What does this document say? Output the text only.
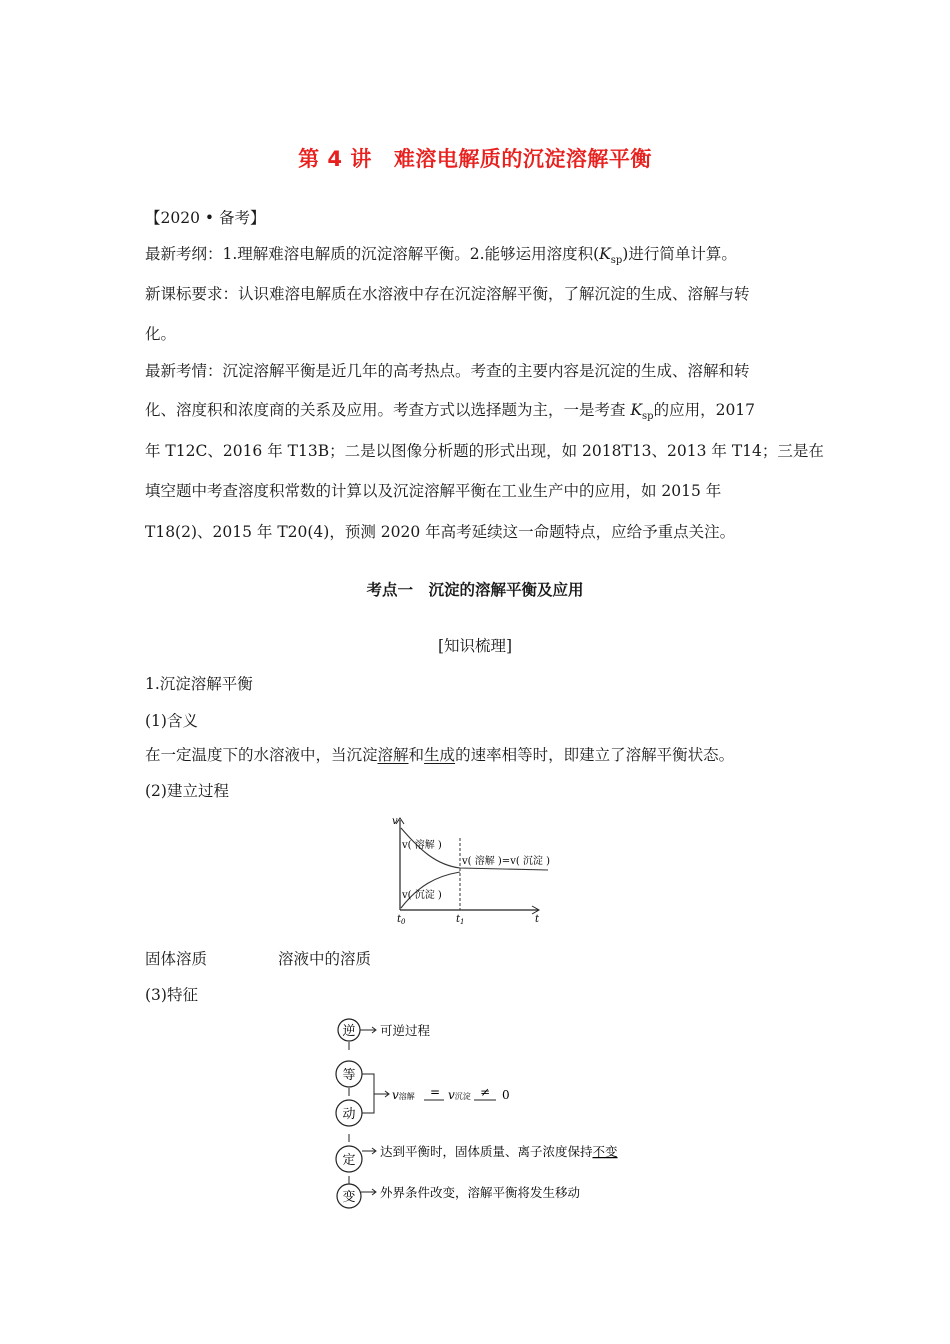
第 4 讲 难溶电解质的沉淀溶解平衡
【2020 • 备考】
最新考纲：1.理解难溶电解质的沉淀溶解平衡。2.能够运用溶度积$(K_{sp})$进行简单计算。
新课标要求：认识难溶电解质在水溶液中存在沉淀溶解平衡，了解沉淀的生成、溶解与转
化。
最新考情：沉淀溶解平衡是近几年的高考热点。考查的主要内容是沉淀的生成、溶解和转
化、溶度积和浓度商的关系及应用。考查方式以选择题为主，一是考查 $K_{sp}$的应用，2017
年 T12C、2016 年 T13B；二是以图像分析题的形式出现，如 2018T13、2013 年 T14；三是在
填空题中考查溶度积常数的计算以及沉淀溶解平衡在工业生产中的应用，如 2015 年
T18(2)、2015 年 T20(4)，预测 2020 年高考延续这一命题特点，应给予重点关注。
考点一　沉淀的溶解平衡及应用
[知识梳理]
1.沉淀溶解平衡
(1)含义
在一定温度下的水溶液中，当沉淀溶解和生成的速率相等时，即建立了溶解平衡状态。
(2)建立过程
v
t
v( 溶解 )
v( 沉淀 )
v( 溶解 )=v( 沉淀 )
$t_0$	$t_1$
固体溶质	溶液中的溶质
(3)特征
逆 可逆过程
等
动
v溶解 = v沉淀 ≠ 0
定
达到平衡时，固体质量、离子浓度保持不变
变 外界条件改变，溶解平衡将发生移动
